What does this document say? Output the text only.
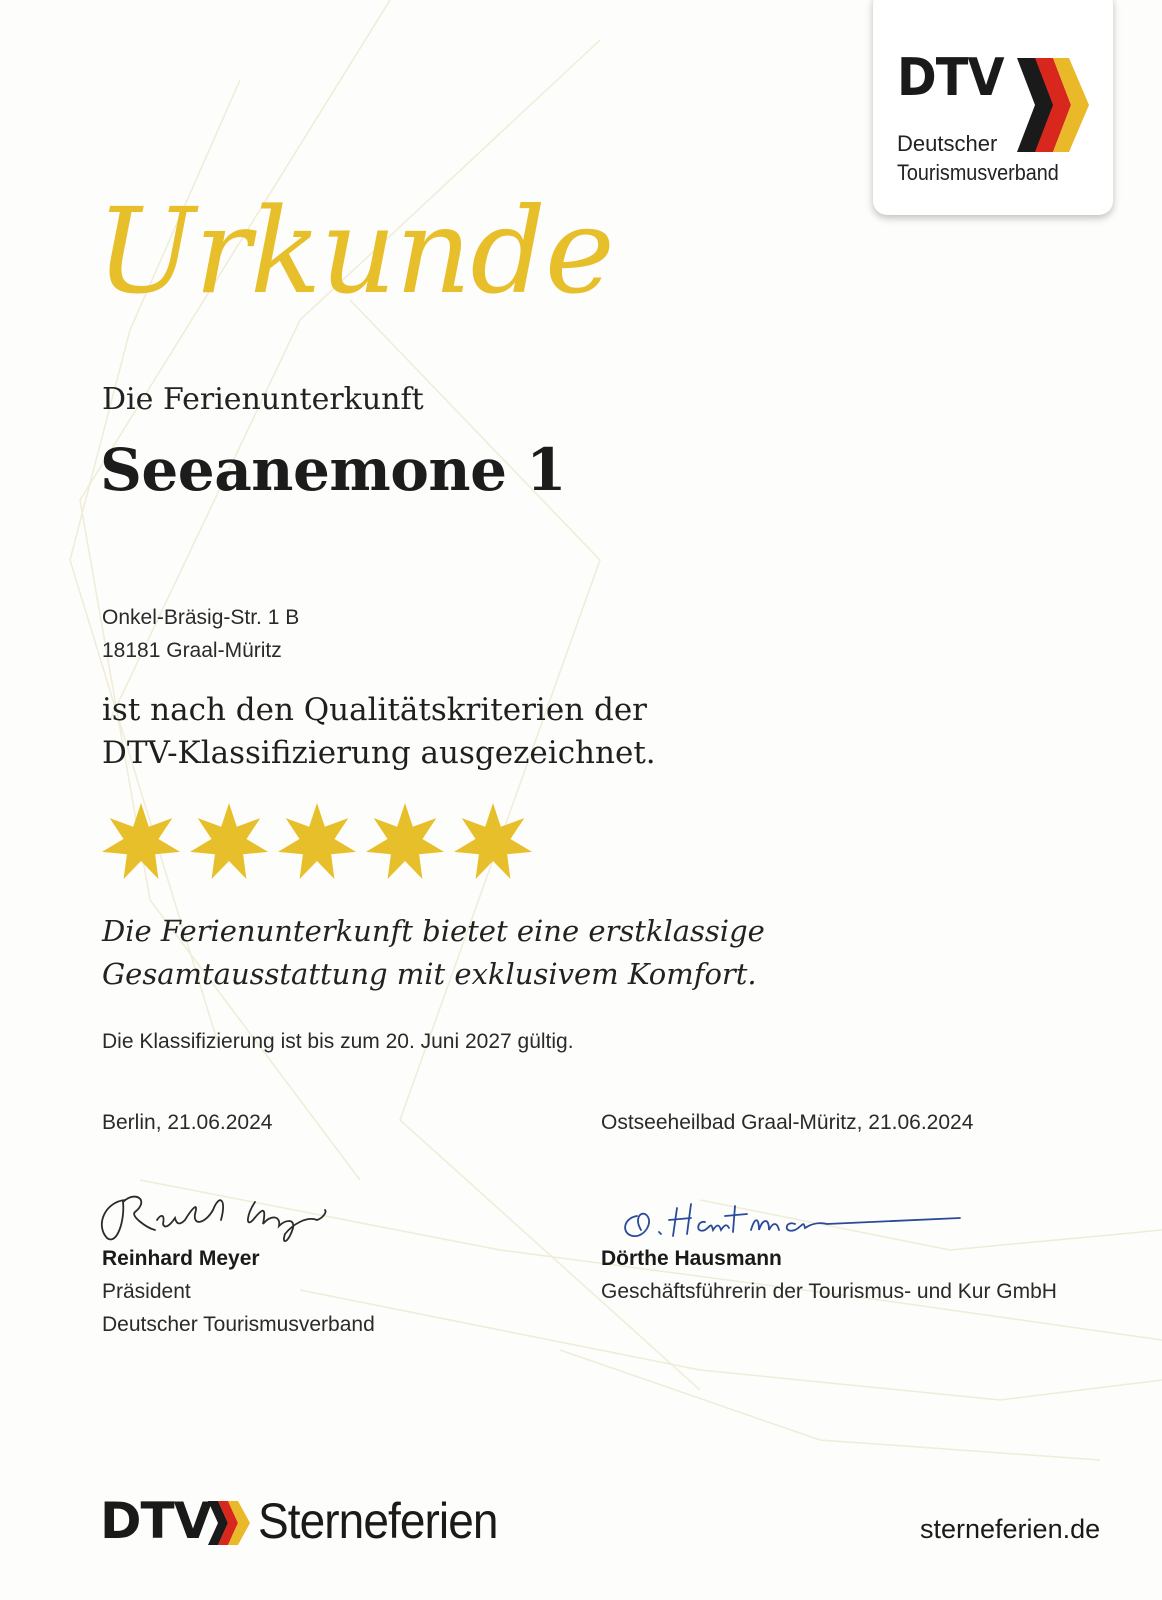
DTV
Deutscher
Tourismusverband
Urkunde
Die Ferienunterkunft
Seeanemone 1
Onkel-Bräsig-Str. 1 B
18181 Graal-Müritz
ist nach den Qualitätskriterien der
DTV-Klassifizierung ausgezeichnet.
Die Ferienunterkunft bietet eine erstklassige
Gesamtausstattung mit exklusivem Komfort.
Die Klassifizierung ist bis zum 20. Juni 2027 gültig.
Berlin, 21.06.2024
Reinhard Meyer
Präsident
Deutscher Tourismusverband
Ostseeheilbad Graal-Müritz, 21.06.2024
Dörthe Hausmann
Geschäftsführerin der Tourismus- und Kur GmbH
DTV Sterneferien	sterneferien.de
